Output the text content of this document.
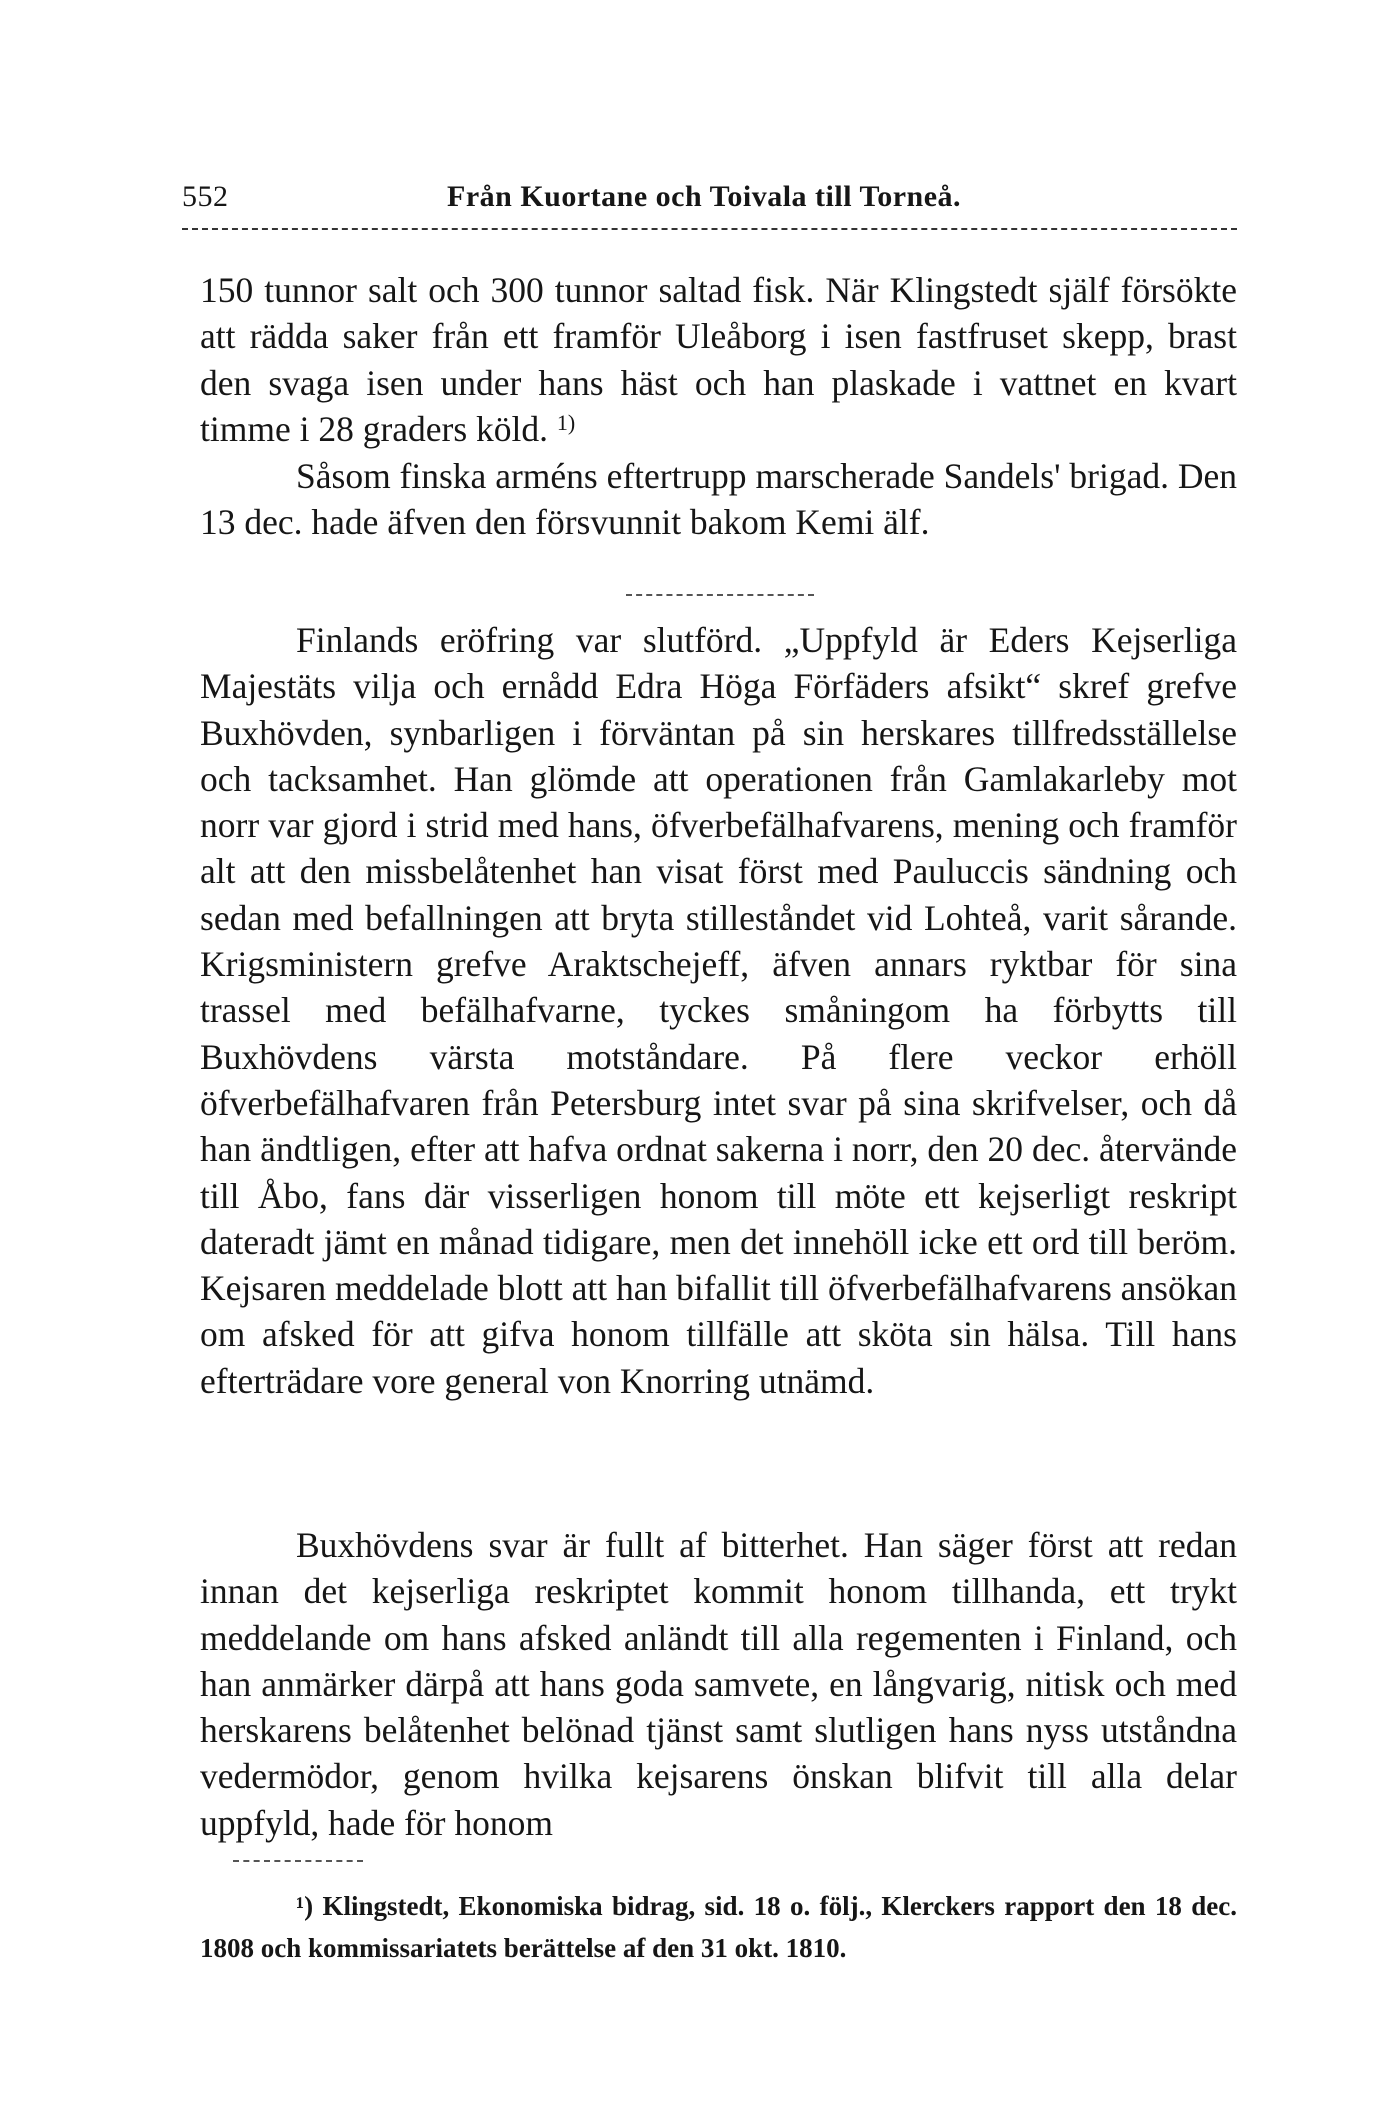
552	Från Kuortane och Toivala till Torneå.

150 tunnor salt och 300 tunnor saltad fisk. När Klingstedt själf försökte att rädda saker från ett framför Uleåborg i isen fastfruset skepp, brast den svaga isen under hans häst och han plaskade i vattnet en kvart timme i 28 graders köld. $^{1)}$

Såsom finska arméns eftertrupp marscherade Sandels' brigad. Den 13 dec. hade äfven den försvunnit bakom Kemi älf.

Finlands eröfring var slutförd. „Uppfyld är Eders Kejserliga Majestäts vilja och ernådd Edra Höga Förfäders afsikt“ skref grefve Buxhövden, synbarligen i förväntan på sin herskares tillfredsställelse och tacksamhet. Han glömde att operationen från Gamlakarleby mot norr var gjord i strid med hans, öfverbefälhafvarens, mening och framför alt att den missbelåtenhet han visat först med Pauluccis sändning och sedan med befallningen att bryta stilleståndet vid Lohteå, varit sårande. Krigsministern grefve Araktschejeff, äfven annars ryktbar för sina trassel med befälhafvarne, tyckes småningom ha förbytts till Buxhövdens värsta motståndare. På flere veckor erhöll öfverbefälhafvaren från Petersburg intet svar på sina skrifvelser, och då han ändtligen, efter att hafva ordnat sakerna i norr, den 20 dec. återvände till Åbo, fans där visserligen honom till möte ett kejserligt reskript dateradt jämt en månad tidigare, men det innehöll icke ett ord till beröm. Kejsaren meddelade blott att han bifallit till öfverbefälhafvarens ansökan om afsked för att gifva honom tillfälle att sköta sin hälsa. Till hans efterträdare vore general von Knorring utnämd.

Buxhövdens svar är fullt af bitterhet. Han säger först att redan innan det kejserliga reskriptet kommit honom tillhanda, ett trykt meddelande om hans afsked anländt till alla regementen i Finland, och han anmärker därpå att hans goda samvete, en långvarig, nitisk och med herskarens belåtenhet belönad tjänst samt slutligen hans nyss utståndna vedermödor, genom hvilka kejsarens önskan blifvit till alla delar uppfyld, hade för honom

¹) Klingstedt, Ekonomiska bidrag, sid. 18 o. följ., Klerckers rapport den 18 dec. 1808 och kommissariatets berättelse af den 31 okt. 1810.
